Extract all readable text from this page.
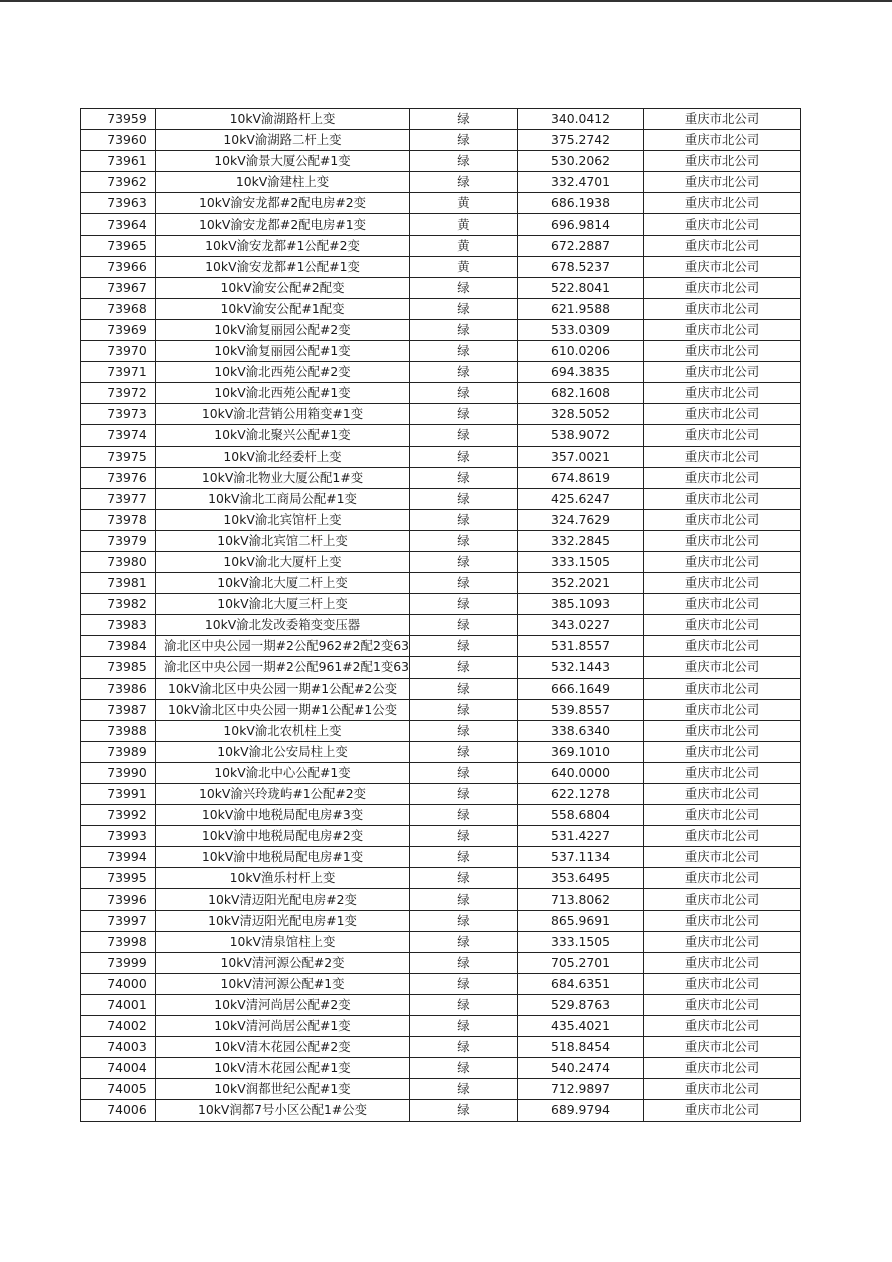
73959	10kV渝湖路杆上变	绿	340.0412	重庆市北公司
73960	10kV渝湖路二杆上变	绿	375.2742	重庆市北公司
73961	10kV渝景大厦公配#1变	绿	530.2062	重庆市北公司
73962	10kV渝建柱上变	绿	332.4701	重庆市北公司
73963	10kV渝安龙都#2配电房#2变	黄	686.1938	重庆市北公司
73964	10kV渝安龙都#2配电房#1变	黄	696.9814	重庆市北公司
73965	10kV渝安龙都#1公配#2变	黄	672.2887	重庆市北公司
73966	10kV渝安龙都#1公配#1变	黄	678.5237	重庆市北公司
73967	10kV渝安公配#2配变	绿	522.8041	重庆市北公司
73968	10kV渝安公配#1配变	绿	621.9588	重庆市北公司
73969	10kV渝复丽园公配#2变	绿	533.0309	重庆市北公司
73970	10kV渝复丽园公配#1变	绿	610.0206	重庆市北公司
73971	10kV渝北西苑公配#2变	绿	694.3835	重庆市北公司
73972	10kV渝北西苑公配#1变	绿	682.1608	重庆市北公司
73973	10kV渝北营销公用箱变#1变	绿	328.5052	重庆市北公司
73974	10kV渝北聚兴公配#1变	绿	538.9072	重庆市北公司
73975	10kV渝北经委杆上变	绿	357.0021	重庆市北公司
73976	10kV渝北物业大厦公配1#变	绿	674.8619	重庆市北公司
73977	10kV渝北工商局公配#1变	绿	425.6247	重庆市北公司
73978	10kV渝北宾馆杆上变	绿	324.7629	重庆市北公司
73979	10kV渝北宾馆二杆上变	绿	332.2845	重庆市北公司
73980	10kV渝北大厦杆上变	绿	333.1505	重庆市北公司
73981	10kV渝北大厦二杆上变	绿	352.2021	重庆市北公司
73982	10kV渝北大厦三杆上变	绿	385.1093	重庆市北公司
73983	10kV渝北发改委箱变变压器	绿	343.0227	重庆市北公司
73984	渝北区中央公园一期#2公配962#2配2变63	绿	531.8557	重庆市北公司
73985	渝北区中央公园一期#2公配961#2配1变63	绿	532.1443	重庆市北公司
73986	10kV渝北区中央公园一期#1公配#2公变	绿	666.1649	重庆市北公司
73987	10kV渝北区中央公园一期#1公配#1公变	绿	539.8557	重庆市北公司
73988	10kV渝北农机柱上变	绿	338.6340	重庆市北公司
73989	10kV渝北公安局柱上变	绿	369.1010	重庆市北公司
73990	10kV渝北中心公配#1变	绿	640.0000	重庆市北公司
73991	10kV渝兴玲珑屿#1公配#2变	绿	622.1278	重庆市北公司
73992	10kV渝中地税局配电房#3变	绿	558.6804	重庆市北公司
73993	10kV渝中地税局配电房#2变	绿	531.4227	重庆市北公司
73994	10kV渝中地税局配电房#1变	绿	537.1134	重庆市北公司
73995	10kV渔乐村杆上变	绿	353.6495	重庆市北公司
73996	10kV清迈阳光配电房#2变	绿	713.8062	重庆市北公司
73997	10kV清迈阳光配电房#1变	绿	865.9691	重庆市北公司
73998	10kV清泉馆柱上变	绿	333.1505	重庆市北公司
73999	10kV清河源公配#2变	绿	705.2701	重庆市北公司
74000	10kV清河源公配#1变	绿	684.6351	重庆市北公司
74001	10kV清河尚居公配#2变	绿	529.8763	重庆市北公司
74002	10kV清河尚居公配#1变	绿	435.4021	重庆市北公司
74003	10kV清木花园公配#2变	绿	518.8454	重庆市北公司
74004	10kV清木花园公配#1变	绿	540.2474	重庆市北公司
74005	10kV润都世纪公配#1变	绿	712.9897	重庆市北公司
74006	10kV润都7号小区公配1#公变	绿	689.9794	重庆市北公司
